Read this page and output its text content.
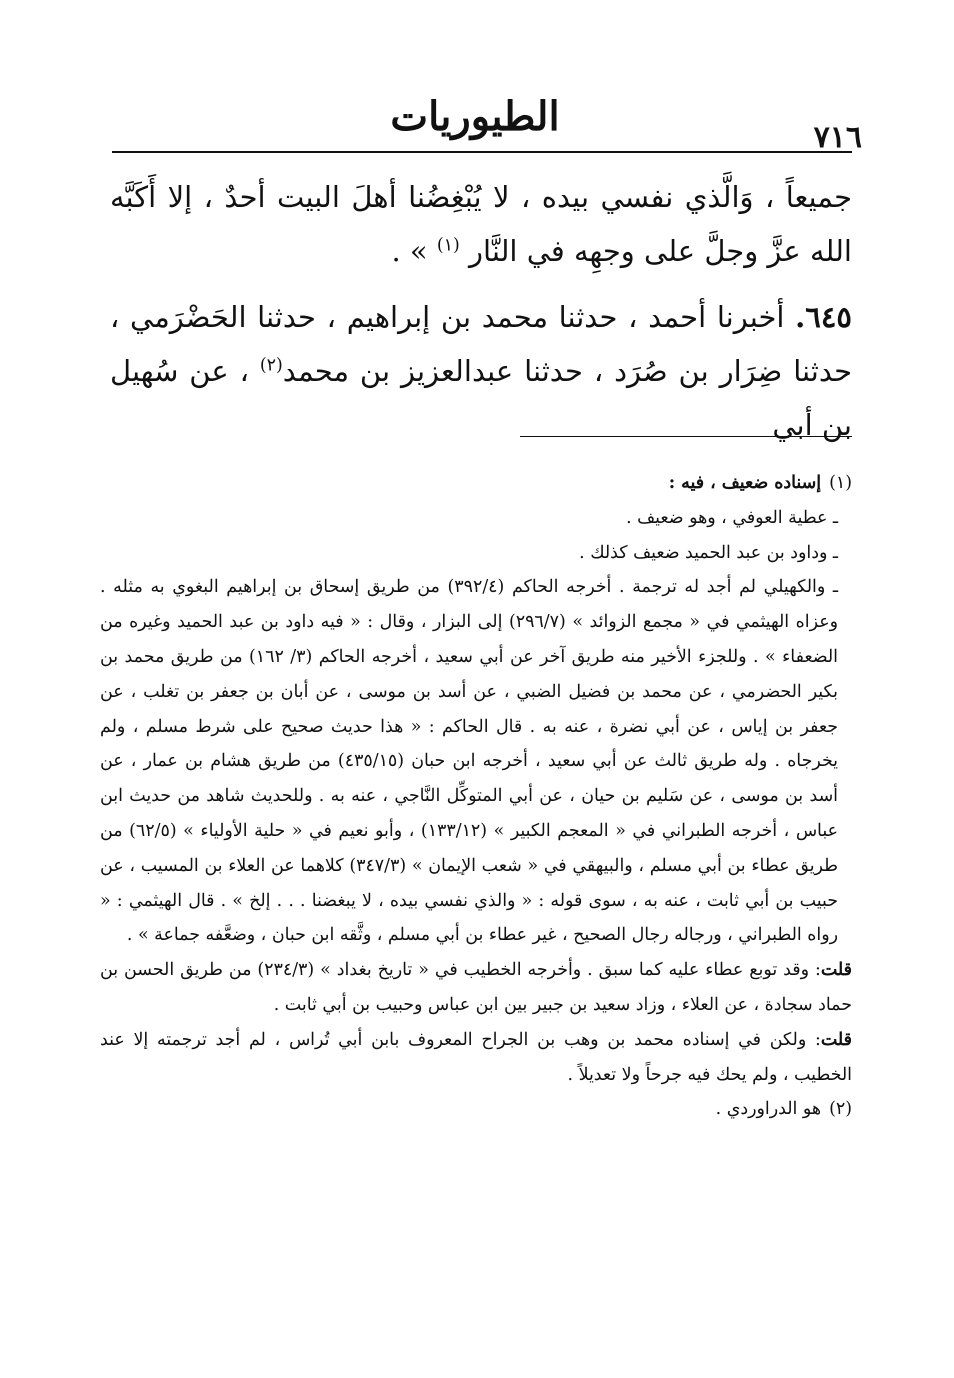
الطيوريات	٧١٦

جميعاً ، وَالَّذي نفسي بيده ، لا يُبْغِضُنا أهلَ البيت أحدٌ ، إلا أَكَبَّه الله عزَّ وجلَّ على وجهِه في النَّار $^{(١)}$ » .

٦٤٥. أخبرنا أحمد ، حدثنا محمد بن إبراهيم ، حدثنا الحَضْرَمي ، حدثنا ضِرَار بن صُرَد ، حدثنا عبدالعزيز بن محمد$^{(٢)}$ ، عن سُهيل بن أبي

(١)إسناده ضعيف ، فيه :

ـ عطية العوفي ، وهو ضعيف .

ـ وداود بن عبد الحميد ضعيف كذلك .

ـ والكهيلي لم أجد له ترجمة . أخرجه الحاكم (٣٩٢/٤) من طريق إسحاق بن إبراهيم البغوي به مثله . وعزاه الهيثمي في « مجمع الزوائد » (٢٩٦/٧) إلى البزار ، وقال : « فيه داود بن عبد الحميد وغيره من الضعفاء » . وللجزء الأخير منه طريق آخر عن أبي سعيد ، أخرجه الحاكم (٣/ ١٦٢) من طريق محمد بن بكير الحضرمي ، عن محمد بن فضيل الضبي ، عن أسد بن موسى ، عن أبان بن جعفر بن تغلب ، عن جعفر بن إياس ، عن أبي نضرة ، عنه به . قال الحاكم : « هذا حديث صحيح على شرط مسلم ، ولم يخرجاه . وله طريق ثالث عن أبي سعيد ، أخرجه ابن حبان (٤٣٥/١٥) من طريق هشام بن عمار ، عن أسد بن موسى ، عن سَليم بن حيان ، عن أبي المتوكِّل النَّاجي ، عنه به . وللحديث شاهد من حديث ابن عباس ، أخرجه الطبراني في « المعجم الكبير » (١٣٣/١٢) ، وأبو نعيم في « حلية الأولياء » (٦٢/٥) من طريق عطاء بن أبي مسلم ، والبيهقي في « شعب الإيمان » (٣٤٧/٣) كلاهما عن العلاء بن المسيب ، عن حبيب بن أبي ثابت ، عنه به ، سوى قوله : « والذي نفسي بيده ، لا يبغضنا . . . إلخ » . قال الهيثمي : « رواه الطبراني ، ورجاله رجال الصحيح ، غير عطاء بن أبي مسلم ، وثَّقه ابن حبان ، وضعَّفه جماعة » .

قلت: وقد توبع عطاء عليه كما سبق . وأخرجه الخطيب في « تاريخ بغداد » (٢٣٤/٣) من طريق الحسن بن حماد سجادة ، عن العلاء ، وزاد سعيد بن جبير بين ابن عباس وحبيب بن أبي ثابت .

قلت: ولكن في إسناده محمد بن وهب بن الجراح المعروف بابن أبي تُراس ، لم أجد ترجمته إلا عند الخطيب ، ولم يحك فيه جرحاً ولا تعديلاً .

(٢)هو الدراوردي .
